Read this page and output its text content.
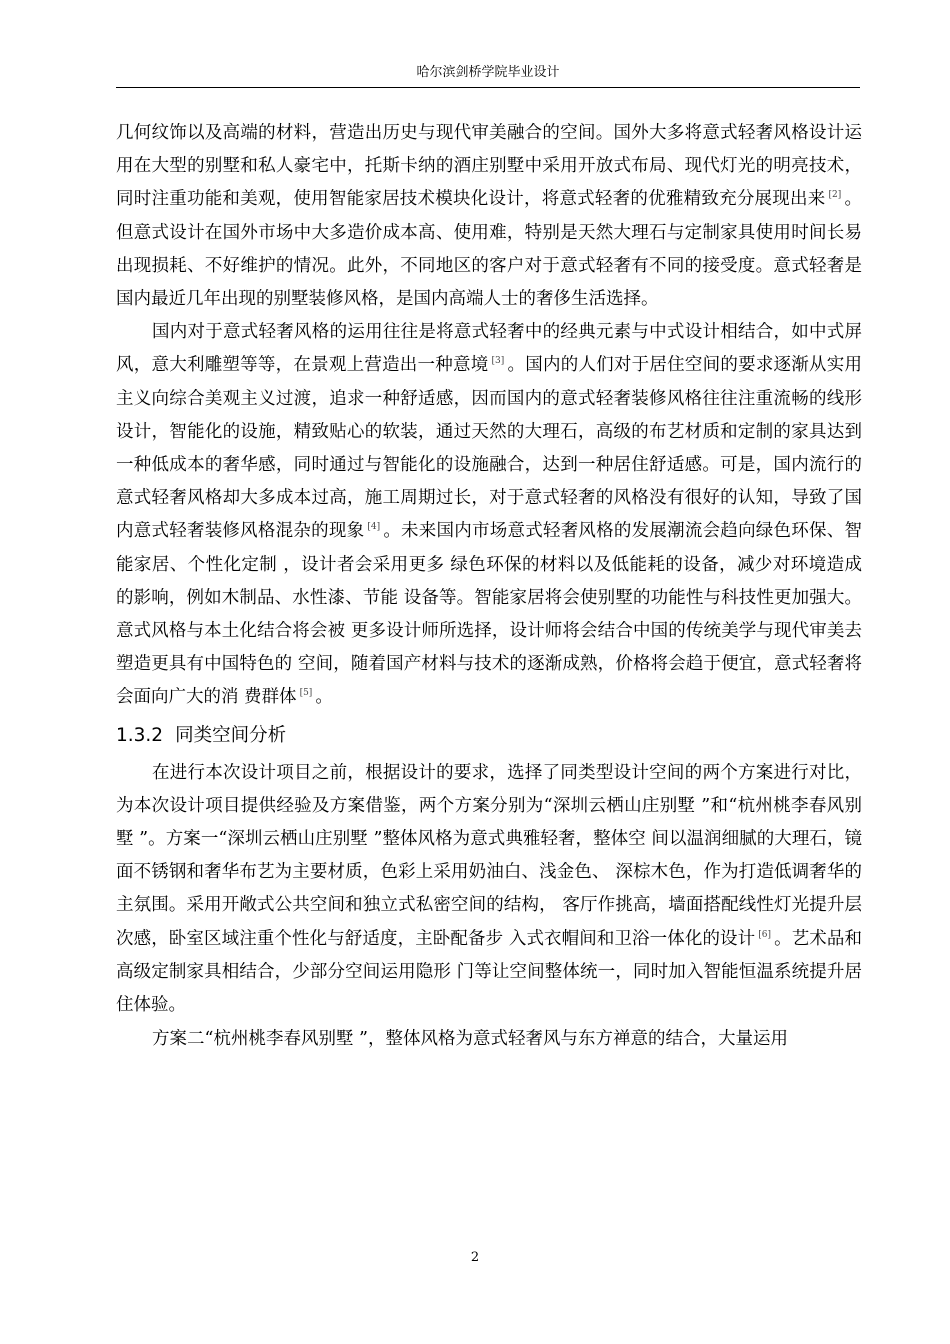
哈尔滨剑桥学院毕业设计

几何纹饰以及高端的材料，营造出历史与现代审美融合的空间。国外大多将意式轻奢风格设计运用在大型的别墅和私人豪宅中，托斯卡纳的酒庄别墅中采用开放式布局、现代灯光的明亮技术，同时注重功能和美观，使用智能家居技术模块化设计，将意式轻奢的优雅精致充分展现出来 [2] 。但意式设计在国外市场中大多造价成本高、使用难，特别是天然大理石与定制家具使用时间长易出现损耗、不好维护的情况。此外，不同地区的客户对于意式轻奢有不同的接受度。意式轻奢是国内最近几年出现的别墅装修风格，是国内高端人士的奢侈生活选择。

国内对于意式轻奢风格的运用往往是将意式轻奢中的经典元素与中式设计相结合，如中式屏风，意大利雕塑等等，在景观上营造出一种意境 [3] 。国内的人们对于居住空间的要求逐渐从实用主义向综合美观主义过渡，追求一种舒适感，因而国内的意式轻奢装修风格往往注重流畅的线形设计，智能化的设施，精致贴心的软装，通过天然的大理石，高级的布艺材质和定制的家具达到一种低成本的奢华感，同时通过与智能化的设施融合，达到一种居住舒适感。可是，国内流行的意式轻奢风格却大多成本过高，施工周期过长，对于意式轻奢的风格没有很好的认知，导致了国内意式轻奢装修风格混杂的现象 [4] 。未来国内市场意式轻奢风格的发展潮流会趋向绿色环保、智能家居、个性化定制 ，设计者会采用更多 绿色环保的材料以及低能耗的设备，减少对环境造成的影响，例如木制品、水性漆、节能 设备等。智能家居将会使别墅的功能性与科技性更加强大。意式风格与本土化结合将会被 更多设计师所选择，设计师将会结合中国的传统美学与现代审美去塑造更具有中国特色的 空间，随着国产材料与技术的逐渐成熟，价格将会趋于便宜，意式轻奢将会面向广大的消 费群体 [5] 。

1.3.2 同类空间分析

在进行本次设计项目之前，根据设计的要求，选择了同类型设计空间的两个方案进行对比，为本次设计项目提供经验及方案借鉴，两个方案分别为“深圳云栖山庄别墅 ”和“杭州桃李春风别墅 ”。方案一“深圳云栖山庄别墅 ”整体风格为意式典雅轻奢，整体空 间以温润细腻的大理石，镜面不锈钢和奢华布艺为主要材质，色彩上采用奶油白、浅金色、 深棕木色，作为打造低调奢华的主氛围。采用开敞式公共空间和独立式私密空间的结构， 客厅作挑高，墙面搭配线性灯光提升层次感，卧室区域注重个性化与舒适度，主卧配备步 入式衣帽间和卫浴一体化的设计 [6] 。艺术品和高级定制家具相结合，少部分空间运用隐形 门等让空间整体统一，同时加入智能恒温系统提升居住体验。

方案二“杭州桃李春风别墅 ”，整体风格为意式轻奢风与东方禅意的结合，大量运用

2
